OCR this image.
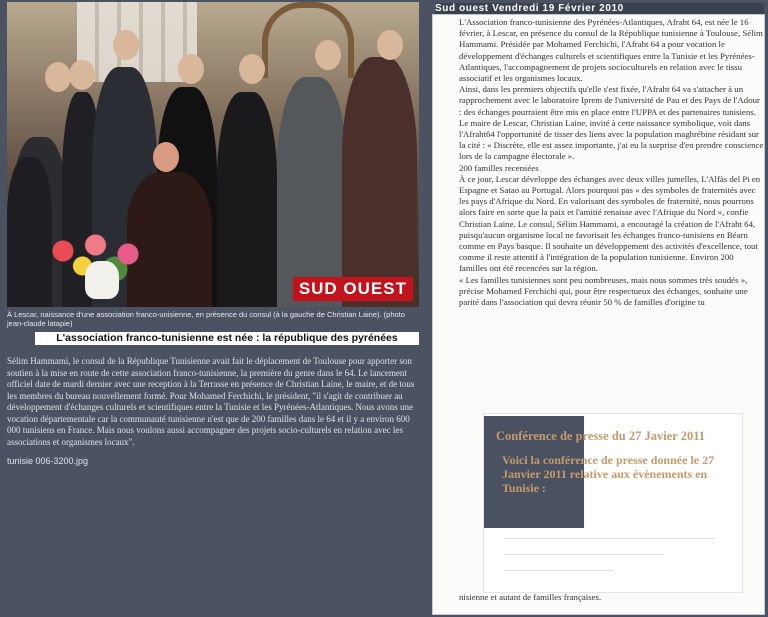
SUD OUEST
À Lescar, naissance d'une association franco-unisienne, en présence du consul (à la gauche de Christian Laine). (photo jean-claude latapie)
L'association franco-tunisienne est née : la république des pyrénées
Sélim Hammami, le consul de la République Tunisienne avait fait le déplacement de Toulouse pour apporter son soutien à la mise en route de cette association franco-tunisienne, la première du genre dans le 64. Le lancement officiel date de mardi dernier avec une reception à la Terrasse en présence de Christian Laine, le maire, et de tous les membres du bureau nouvellement formé. Pour Mohamed Ferchichi, le président, "il s'agit de contribuer au développement d'échanges culturels et scientifiques entre la Tunisie et les Pyrénées-Atlantiques. Nous avons une vocation départementale car la communauté tunisienne n'est que de 200 familles dans le 64 et il y a environ 600 000 tunisiens en France. Mais nous voulons aussi accompagner des projets socio-culturels en relation avec les associations et organismes locaux".
tunisie 006-3200.jpg
Sud ouest Vendredi 19 Février 2010

L'Association franco-tunisienne des Pyrénées-Atlantiques, Afraht 64, est née le 16 février, à Lescar, en présence du consul de la République tunisienne à Toulouse, Sélim Hammami. Présidée par Mohamed Ferchichi, l'Afraht 64 a pour vocation le développement d'échanges culturels et scientifiques entre la Tunisie et les Pyrénées-Atlantiques, l'accompagnement de projets socioculturels en relation avec le tissu associatif et les organismes locaux.

Ainsi, dans les premiers objectifs qu'elle s'est fixée, l'Afraht 64 va s'attacher à un rapprochement avec le laboratoire Iprem de l'université de Pau et des Pays de l'Adour : des échanges pourraient être mis en place entre l'UPPA et des partenaires tunisiens.

Le maire de Lescar, Christian Laine, invité à cette naissance symbolique, voit dans l'Afraht64 l'opportunité de tisser des liens avec la population maghrébine résidant sur la cité : « Discrète, elle est assez importante, j'ai eu la surprise d'en prendre conscience lors de la campagne électorale ».

200 familles recensées

À ce jour, Lescar développe des échanges avec deux villes jumelles, L'Alfàs del Pi en Espagne et Satao au Portugal. Alors pourquoi pas « des symboles de fraternités avec les pays d'Afrique du Nord. En valorisant des symboles de fraternité, nous pourrons alors faire en sorte que la paix et l'amitié renaisse avec l'Afrique du Nord », confie Christian Laine. Le consul, Sélim Hammami, a encouragé la création de l'Afraht 64, puisqu'aucun organisme local ne favorisait les échanges franco-tunisiens en Béarn comme en Pays basque. Il souhaite un développement des activités d'excellence, tout comme il reste attentif à l'intégration de la population tunisienne. Environ 200 familles ont été recencées sur la région.

« Les familles tunisiennes sont peu nombreuses, mais nous sommes très soudés », précise Mohamed Ferchichi qui, pour être respectueux des échanges, souhaite une parité dans l'association qui devra réunir 50 % de familles d'origine tu

Conférence de presse du 27 Javier 2011
Voici la conférence de presse donnée le 27 Janvier 2011 relative aux évènements en Tunisie :
nisienne et autant de familles françaises.
